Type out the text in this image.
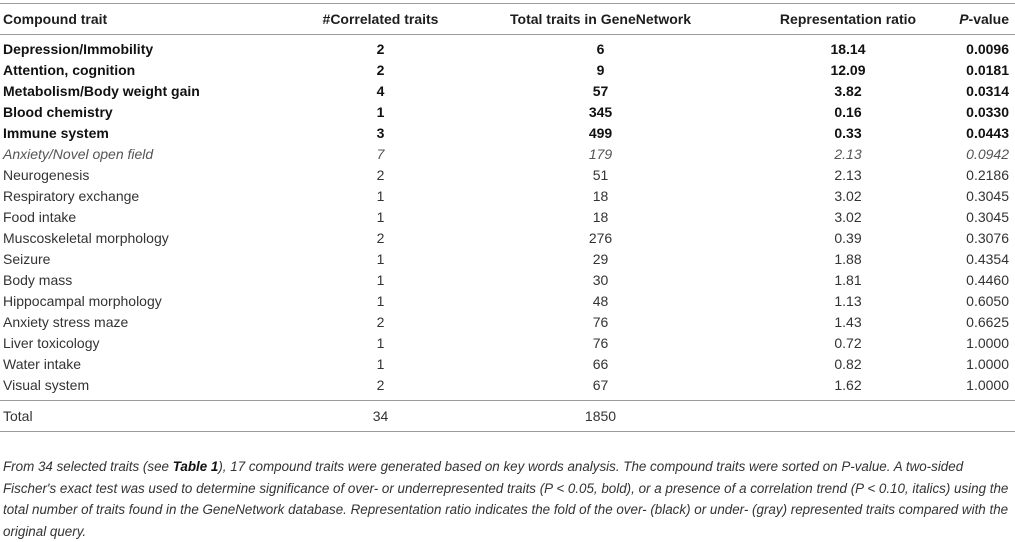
Compound trait	#Correlated traits	Total traits in GeneNetwork	Representation ratio	P-value
Depression/Immobility	2	6	18.14	0.0096
Attention, cognition	2	9	12.09	0.0181
Metabolism/Body weight gain	4	57	3.82	0.0314
Blood chemistry	1	345	0.16	0.0330
Immune system	3	499	0.33	0.0443
Anxiety/Novel open field	7	179	2.13	0.0942
Neurogenesis	2	51	2.13	0.2186
Respiratory exchange	1	18	3.02	0.3045
Food intake	1	18	3.02	0.3045
Muscoskeletal morphology	2	276	0.39	0.3076
Seizure	1	29	1.88	0.4354
Body mass	1	30	1.81	0.4460
Hippocampal morphology	1	48	1.13	0.6050
Anxiety stress maze	2	76	1.43	0.6625
Liver toxicology	1	76	0.72	1.0000
Water intake	1	66	0.82	1.0000
Visual system	2	67	1.62	1.0000
Total	34	1850		
From 34 selected traits (see Table 1), 17 compound traits were generated based on key words analysis. The compound traits were sorted on P-value. A two-sided Fischer's exact test was used to determine significance of over- or underrepresented traits (P < 0.05, bold), or a presence of a correlation trend (P < 0.10, italics) using the total number of traits found in the GeneNetwork database. Representation ratio indicates the fold of the over- (black) or under- (gray) represented traits compared with the original query.
